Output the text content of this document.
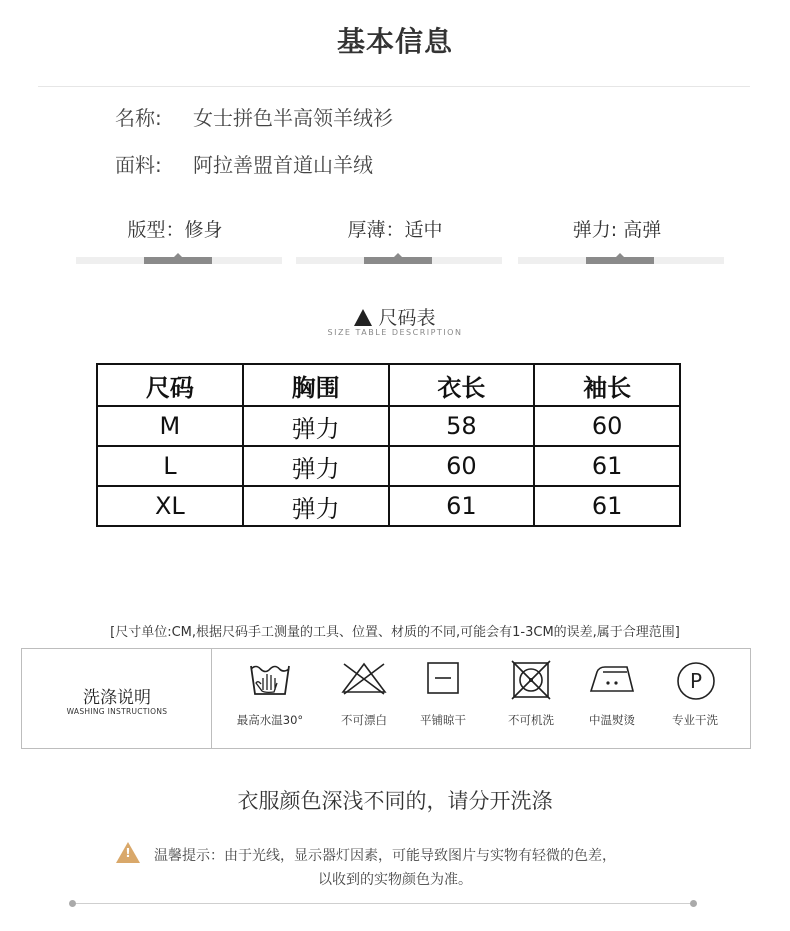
基本信息
名称: 女士拼色半高领羊绒衫
面料: 阿拉善盟首道山羊绒
版型：修身	厚薄：适中	弹力: 高弹
尺码表
SIZE TABLE DESCRIPTION
尺码	胸围	衣长	袖长
M	弹力	58	60
L	弹力	60	61
XL	弹力	61	61
[尺寸单位:CM,根据尺码手工测量的工具、位置、材质的不同,可能会有1-3CM的误差,属于合理范围]
洗涤说明
WASHING INSTRUCTIONS
最高水温30°	不可漂白	平铺晾干	不可机洗	中温熨烫
P
专业干洗
衣服颜色深浅不同的，请分开洗涤
!	温馨提示：由于光线，显示器灯因素，可能导致图片与实物有轻微的色差，
以收到的实物颜色为准。
